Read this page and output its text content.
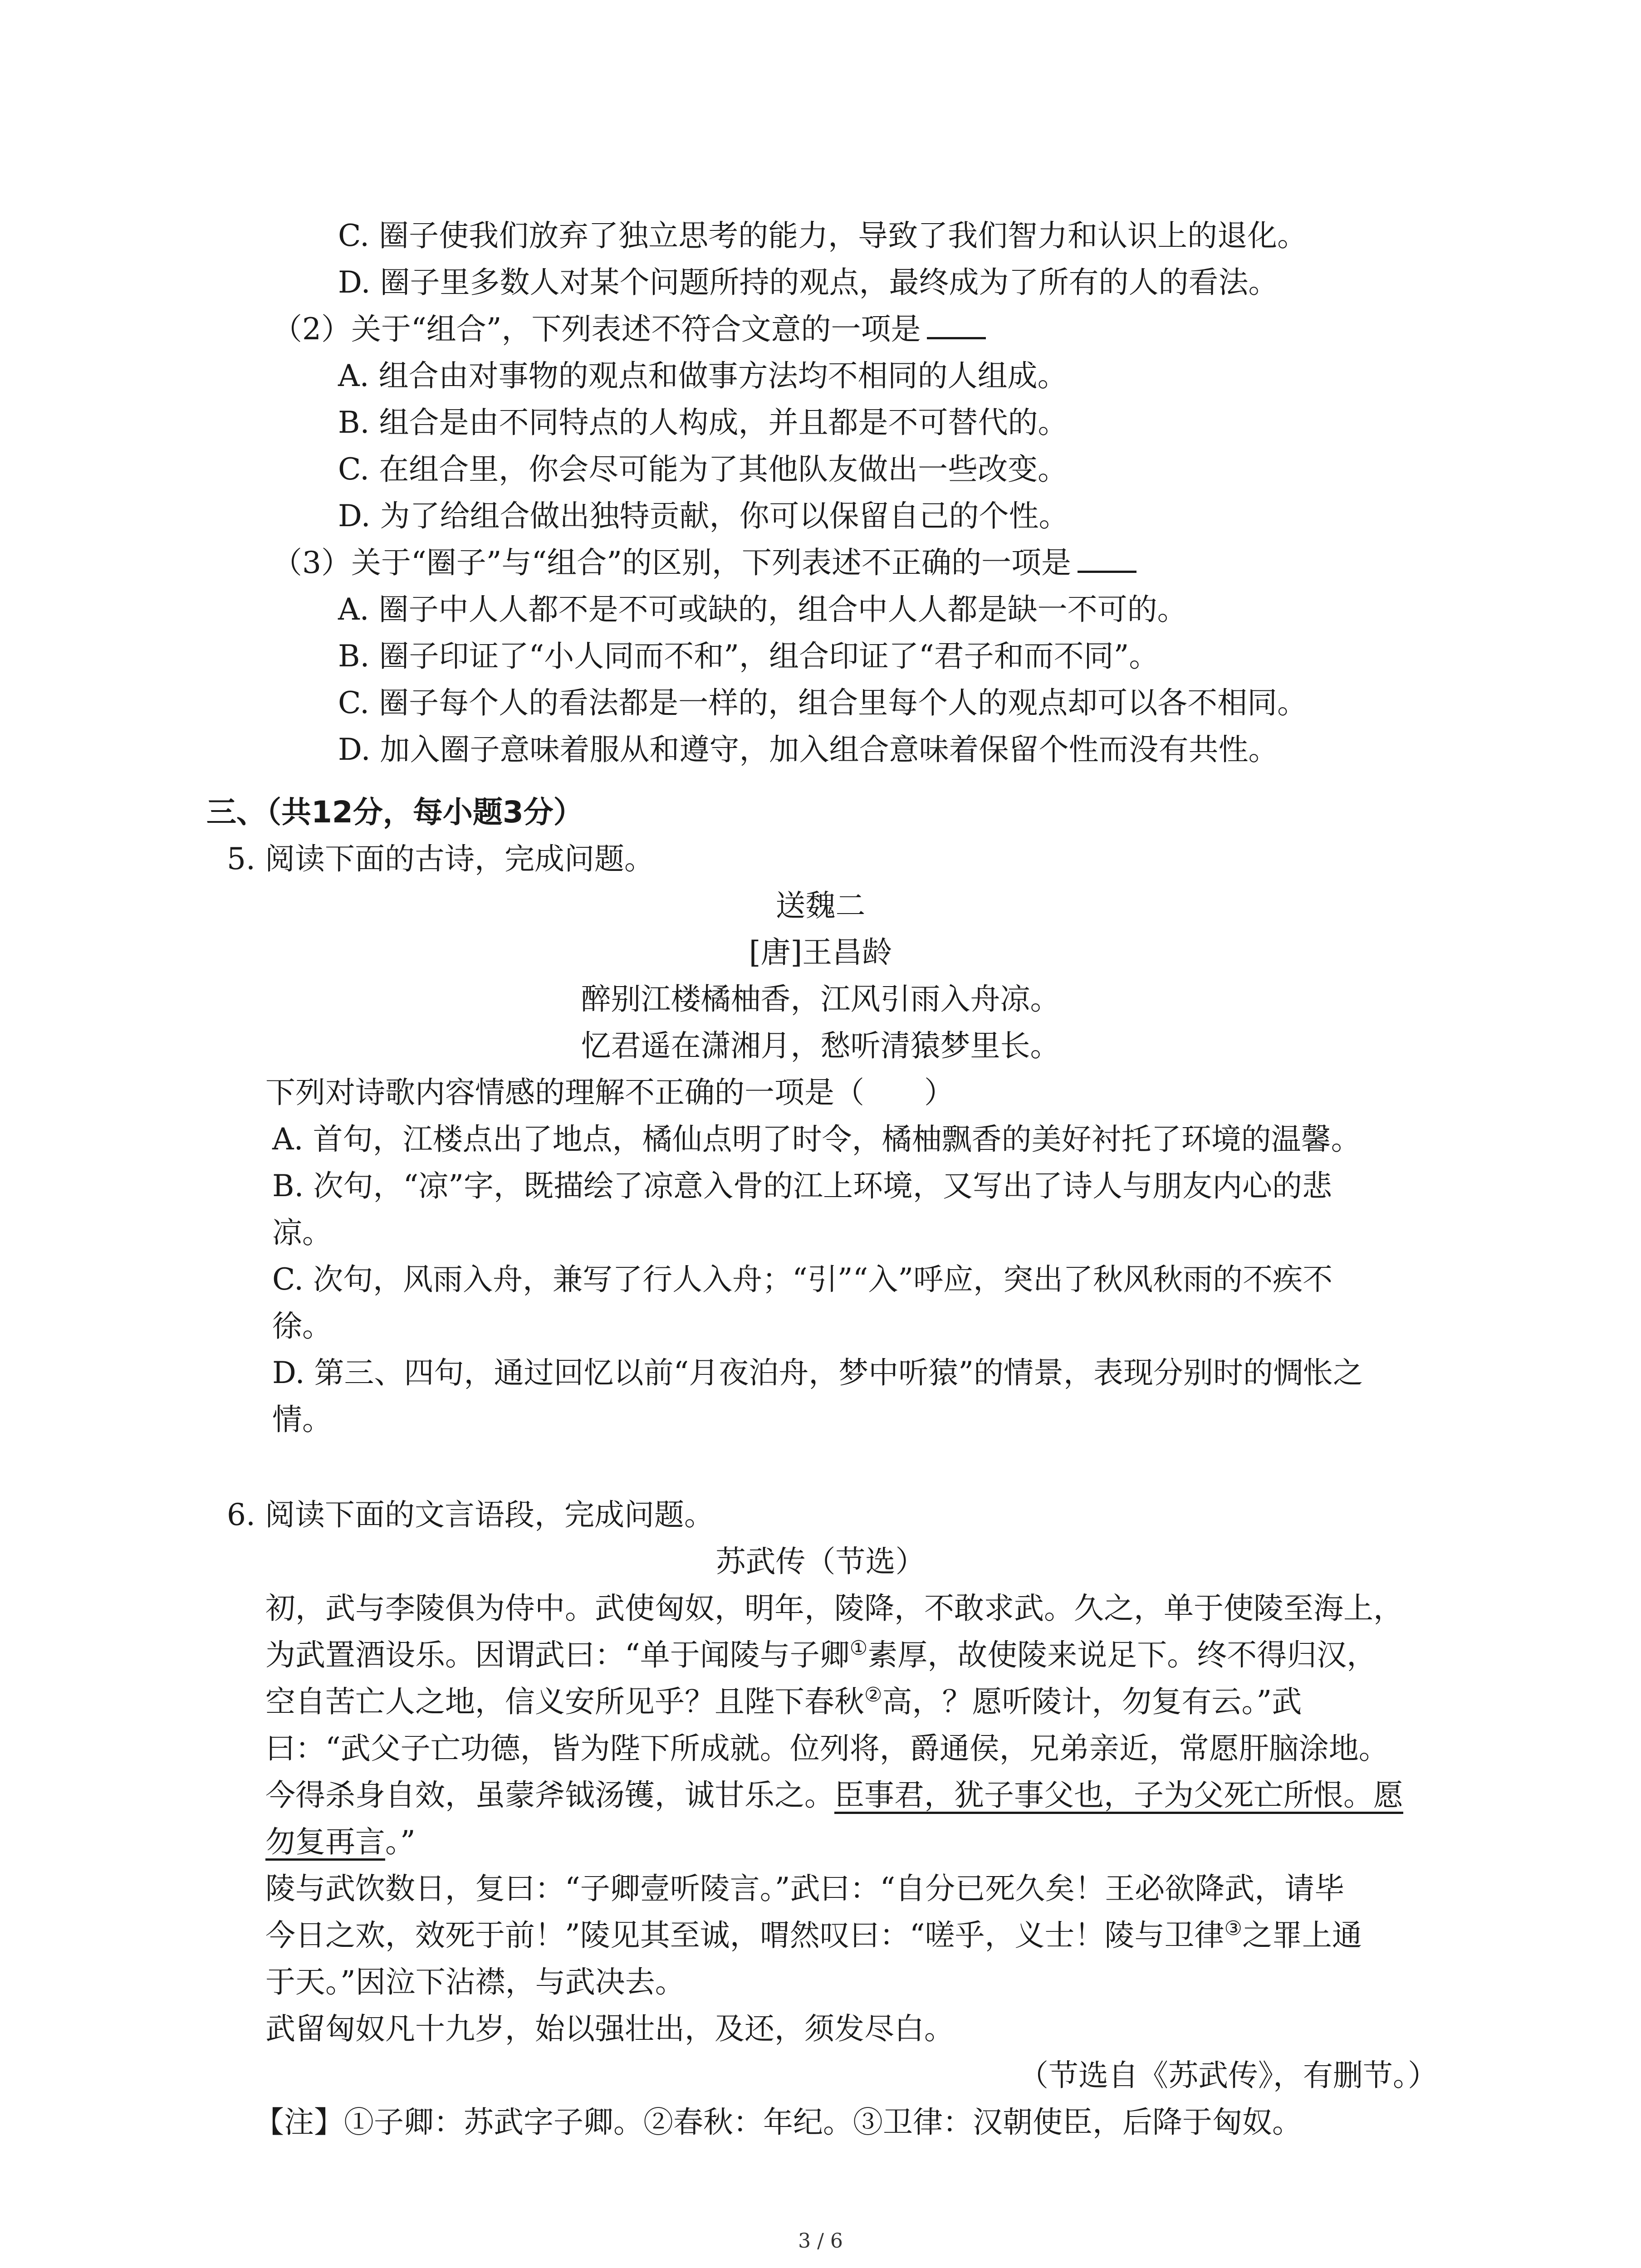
C. 圈子使我们放弃了独立思考的能力，导致了我们智力和认识上的退化。
D. 圈子里多数人对某个问题所持的观点，最终成为了所有的人的看法。
（2）关于“组合”，下列表述不符合文意的一项是
A. 组合由对事物的观点和做事方法均不相同的人组成。
B. 组合是由不同特点的人构成，并且都是不可替代的。
C. 在组合里，你会尽可能为了其他队友做出一些改变。
D. 为了给组合做出独特贡献，你可以保留自己的个性。
（3）关于“圈子”与“组合”的区别，下列表述不正确的一项是
A. 圈子中人人都不是不可或缺的，组合中人人都是缺一不可的。
B. 圈子印证了“小人同而不和”，组合印证了“君子和而不同”。
C. 圈子每个人的看法都是一样的，组合里每个人的观点却可以各不相同。
D. 加入圈子意味着服从和遵守，加入组合意味着保留个性而没有共性。
三、（共12分，每小题3分）
5. 阅读下面的古诗，完成问题。
送魏二
[唐]王昌龄
醉别江楼橘柚香，江风引雨入舟凉。
忆君遥在潇湘月，愁听清猿梦里长。
下列对诗歌内容情感的理解不正确的一项是（　　）
A. 首句，江楼点出了地点，橘仙点明了时令，橘柚飘香的美好衬托了环境的温馨。
B. 次句，“凉”字，既描绘了凉意入骨的江上环境，又写出了诗人与朋友内心的悲
凉。
C. 次句，风雨入舟，兼写了行人入舟；“引”“入”呼应，突出了秋风秋雨的不疾不
徐。
D. 第三、四句，通过回忆以前“月夜泊舟，梦中听猿”的情景，表现分别时的惆怅之
情。
6. 阅读下面的文言语段，完成问题。
苏武传（节选）
初，武与李陵俱为侍中。武使匈奴，明年，陵降，不敢求武。久之，单于使陵至海上，
为武置酒设乐。因谓武曰：“单于闻陵与子卿①素厚，故使陵来说足下。终不得归汉，
空自苦亡人之地，信义安所见乎？且陛下春秋②高，？愿听陵计，勿复有云。”武
曰：“武父子亡功德，皆为陛下所成就。位列将，爵通侯，兄弟亲近，常愿肝脑涂地。
今得杀身自效，虽蒙斧钺汤镬，诚甘乐之。臣事君，犹子事父也，子为父死亡所恨。愿
勿复再言。”
陵与武饮数日，复曰：“子卿壹听陵言。”武曰：“自分已死久矣！王必欲降武，请毕
今日之欢，效死于前！”陵见其至诚，喟然叹曰：“嗟乎，义士！陵与卫律③之罪上通
于天。”因泣下沾襟，与武决去。
武留匈奴凡十九岁，始以强壮出，及还，须发尽白。
（节选自《苏武传》，有删节。）
【注】①子卿：苏武字子卿。②春秋：年纪。③卫律：汉朝使臣，后降于匈奴。
3 / 6
